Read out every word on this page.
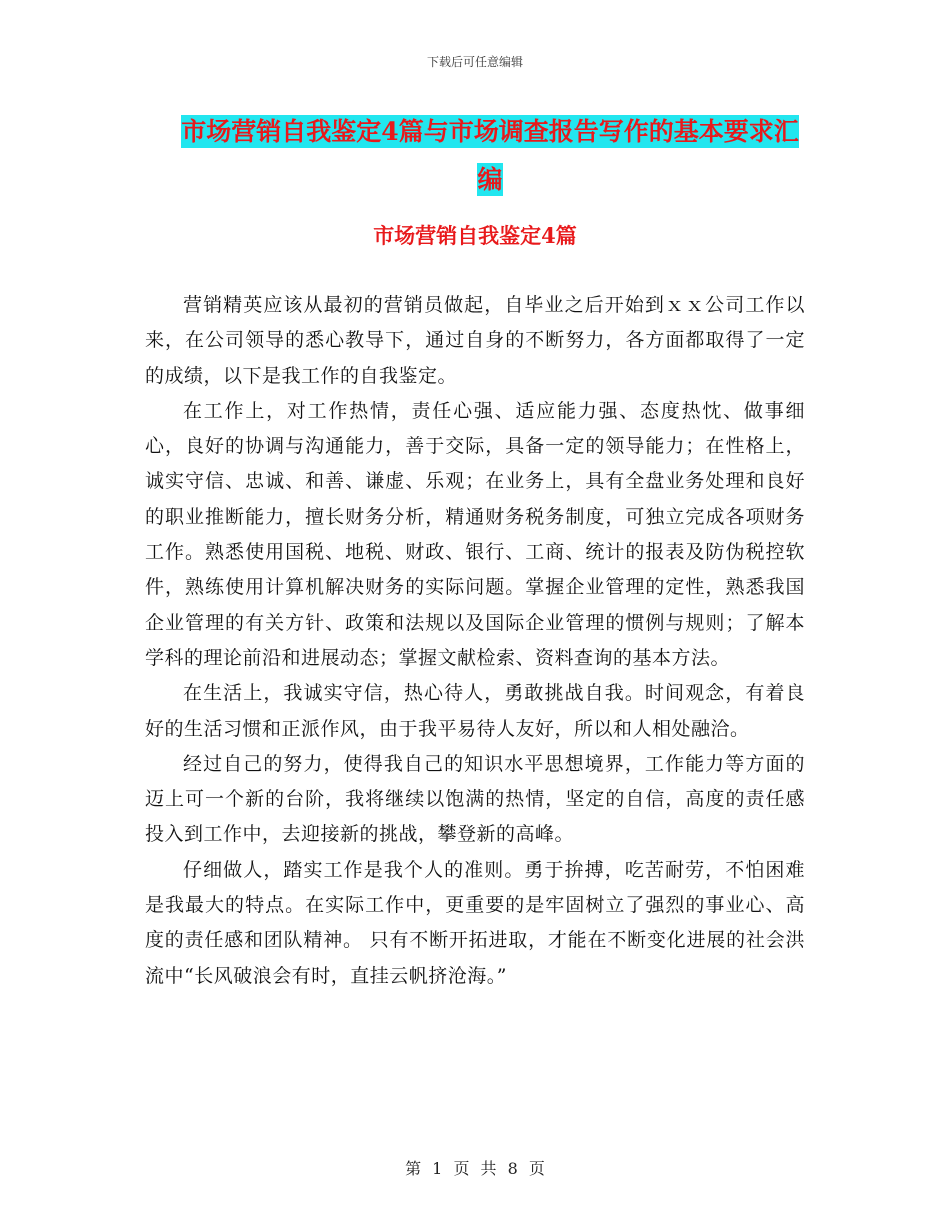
下载后可任意编辑

市场营销自我鉴定4篇与市场调查报告写作的基本要求汇编
市场营销自我鉴定4篇

营销精英应该从最初的营销员做起，自毕业之后开始到ｘｘ公司工作以来，在公司领导的悉心教导下，通过自身的不断努力，各方面都取得了一定的成绩，以下是我工作的自我鉴定。

在工作上，对工作热情，责任心强、适应能力强、态度热忱、做事细心，良好的协调与沟通能力，善于交际，具备一定的领导能力；在性格上，诚实守信、忠诚、和善、谦虚、乐观；在业务上，具有全盘业务处理和良好的职业推断能力，擅长财务分析，精通财务税务制度，可独立完成各项财务工作。熟悉使用国税、地税、财政、银行、工商、统计的报表及防伪税控软件，熟练使用计算机解决财务的实际问题。掌握企业管理的定性，熟悉我国企业管理的有关方针、政策和法规以及国际企业管理的惯例与规则；了解本学科的理论前沿和进展动态；掌握文献检索、资料查询的基本方法。

在生活上，我诚实守信，热心待人，勇敢挑战自我。时间观念，有着良好的生活习惯和正派作风，由于我平易待人友好，所以和人相处融洽。

经过自己的努力，使得我自己的知识水平思想境界，工作能力等方面的迈上可一个新的台阶，我将继续以饱满的热情，坚定的自信，高度的责任感投入到工作中，去迎接新的挑战，攀登新的高峰。

仔细做人，踏实工作是我个人的准则。勇于拚搏，吃苦耐劳，不怕困难是我最大的特点。在实际工作中，更重要的是牢固树立了强烈的事业心、高度的责任感和团队精神。 只有不断开拓进取，才能在不断变化进展的社会洪流中“长风破浪会有时，直挂云帆挤沧海。”

第 1 页 共 8 页
